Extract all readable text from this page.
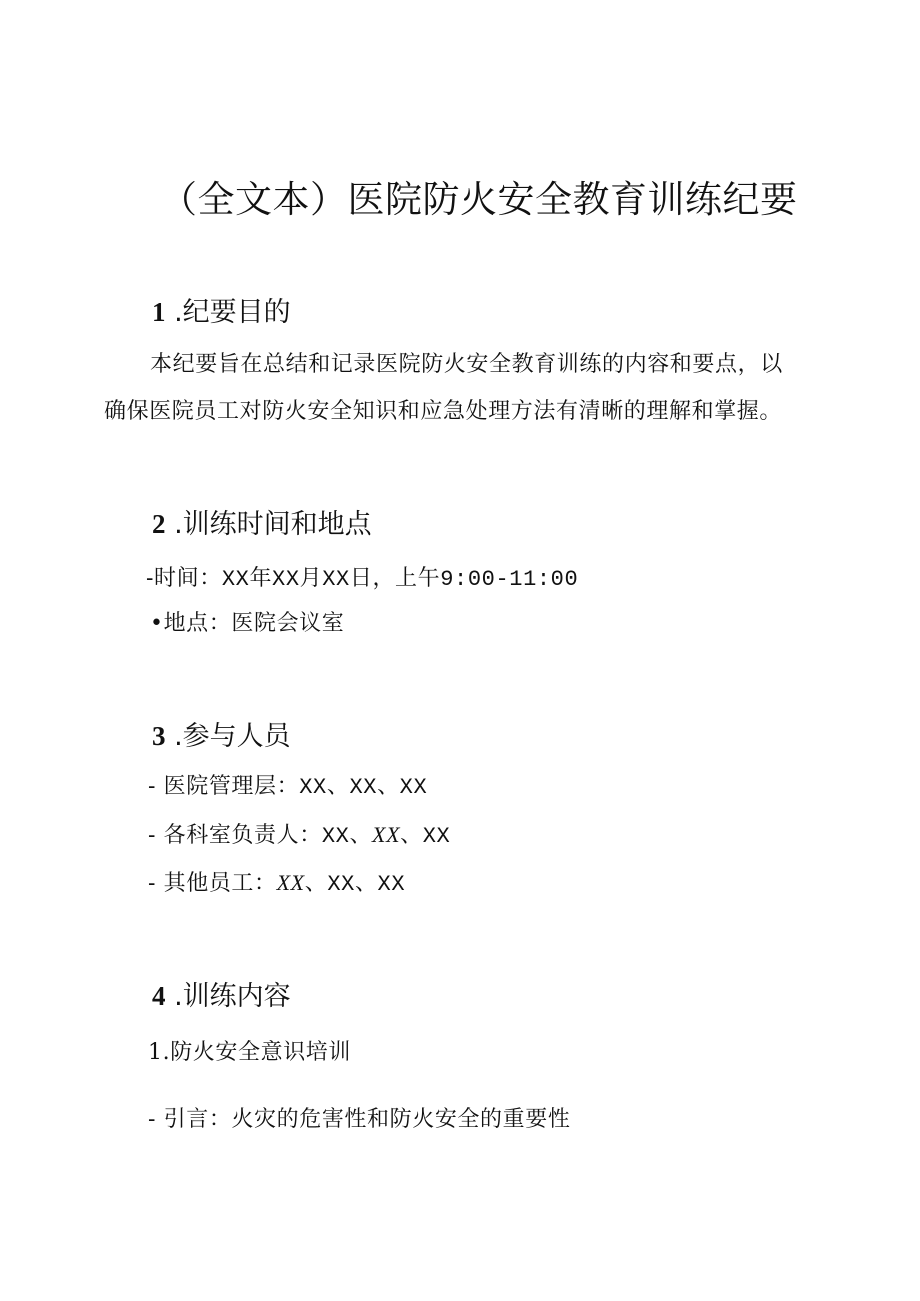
（全文本）医院防火安全教育训练纪要
1 .纪要目的
本纪要旨在总结和记录医院防火安全教育训练的内容和要点，以
确保医院员工对防火安全知识和应急处理方法有清晰的理解和掌握。
2 .训练时间和地点
-时间：XX年XX月XX日，上午9:00-11:00
•地点：医院会议室
3 .参与人员
- 医院管理层：XX、XX、XX
- 各科室负责人：XX、XX、XX
- 其他员工：XX、XX、XX
4 .训练内容
1.防火安全意识培训
- 引言：火灾的危害性和防火安全的重要性
